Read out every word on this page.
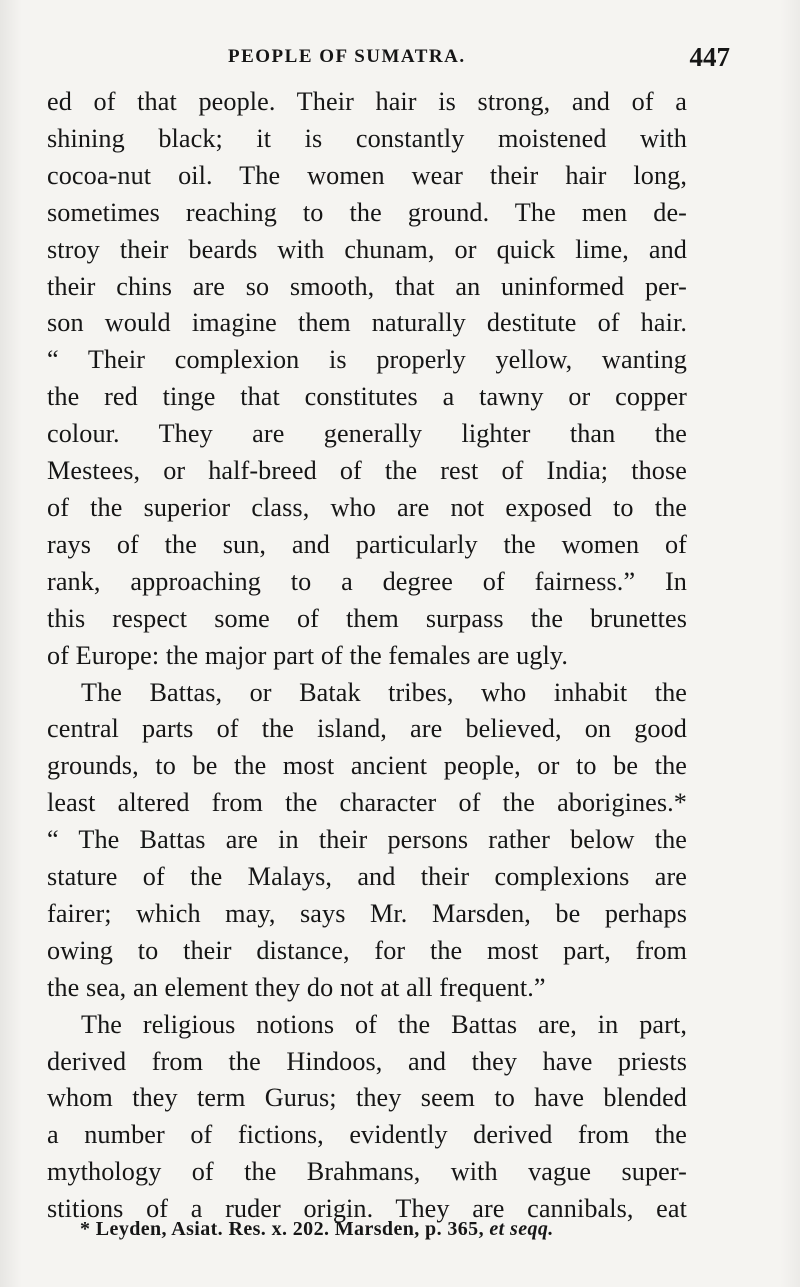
PEOPLE OF SUMATRA.	447
ed of that people. Their hair is strong, and of a
shining black; it is constantly moistened with
cocoa-nut oil. The women wear their hair long,
sometimes reaching to the ground. The men de-
stroy their beards with chunam, or quick lime, and
their chins are so smooth, that an uninformed per-
son would imagine them naturally destitute of hair.
“ Their complexion is properly yellow, wanting
the red tinge that constitutes a tawny or copper
colour. They are generally lighter than the
Mestees, or half-breed of the rest of India; those
of the superior class, who are not exposed to the
rays of the sun, and particularly the women of
rank, approaching to a degree of fairness.” In
this respect some of them surpass the brunettes
of Europe: the major part of the females are ugly.
The Battas, or Batak tribes, who inhabit the
central parts of the island, are believed, on good
grounds, to be the most ancient people, or to be the
least altered from the character of the aborigines.*
“ The Battas are in their persons rather below the
stature of the Malays, and their complexions are
fairer; which may, says Mr. Marsden, be perhaps
owing to their distance, for the most part, from
the sea, an element they do not at all frequent.”
The religious notions of the Battas are, in part,
derived from the Hindoos, and they have priests
whom they term Gurus; they seem to have blended
a number of fictions, evidently derived from the
mythology of the Brahmans, with vague super-
stitions of a ruder origin. They are cannibals, eat
* Leyden, Asiat. Res. x. 202. Marsden, p. 365, et seqq.
